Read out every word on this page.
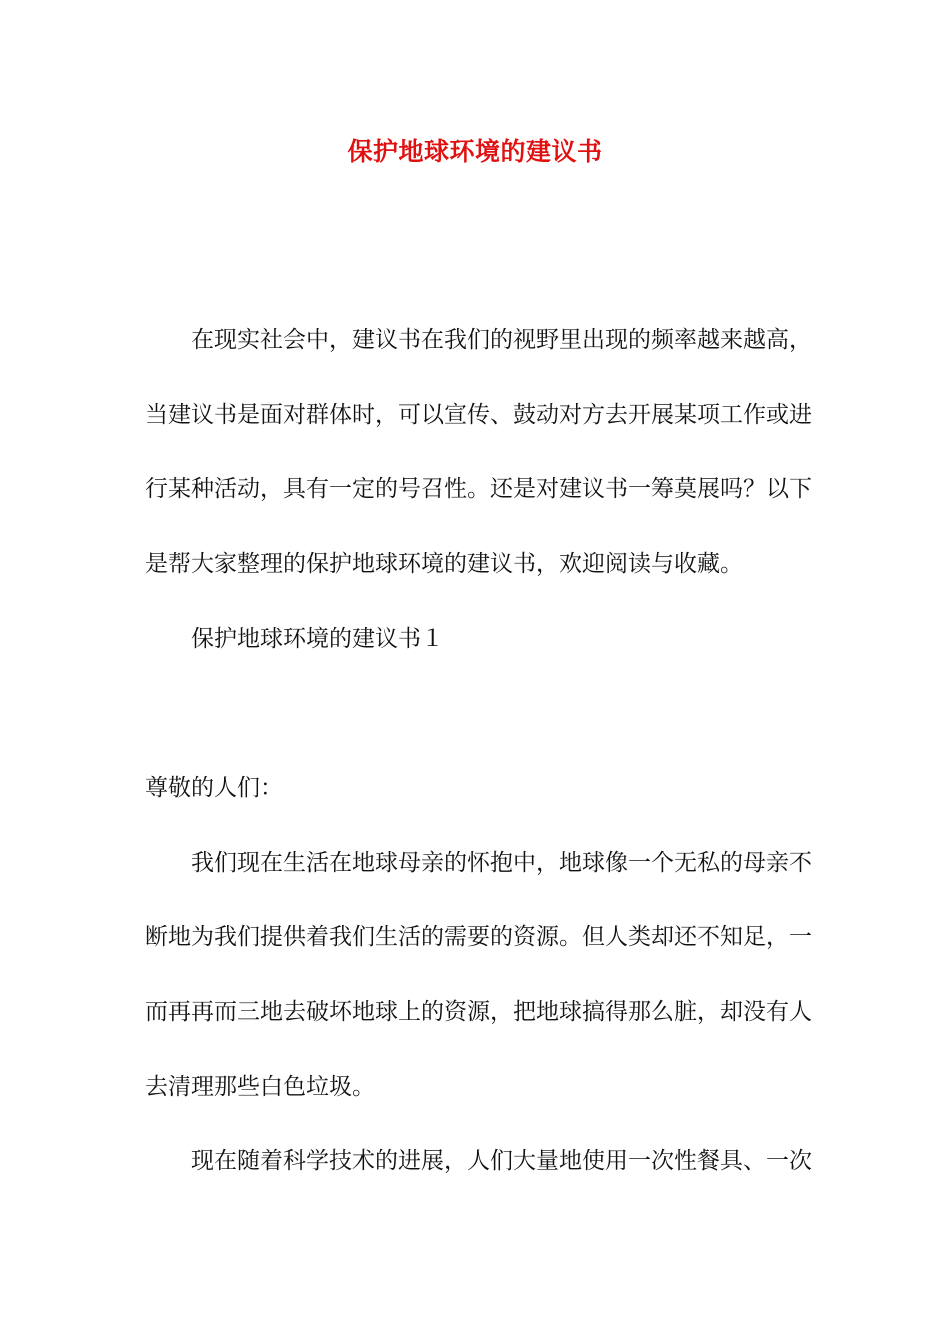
保护地球环境的建议书
在现实社会中，建议书在我们的视野里出现的频率越来越高，
当建议书是面对群体时，可以宣传、鼓动对方去开展某项工作或进
行某种活动，具有一定的号召性。还是对建议书一筹莫展吗？以下
是帮大家整理的保护地球环境的建议书，欢迎阅读与收藏。
保护地球环境的建议书１
尊敬的人们：
我们现在生活在地球母亲的怀抱中，地球像一个无私的母亲不
断地为我们提供着我们生活的需要的资源。但人类却还不知足，一
而再再而三地去破坏地球上的资源，把地球搞得那么脏，却没有人
去清理那些白色垃圾。
现在随着科学技术的进展，人们大量地使用一次性餐具、一次
